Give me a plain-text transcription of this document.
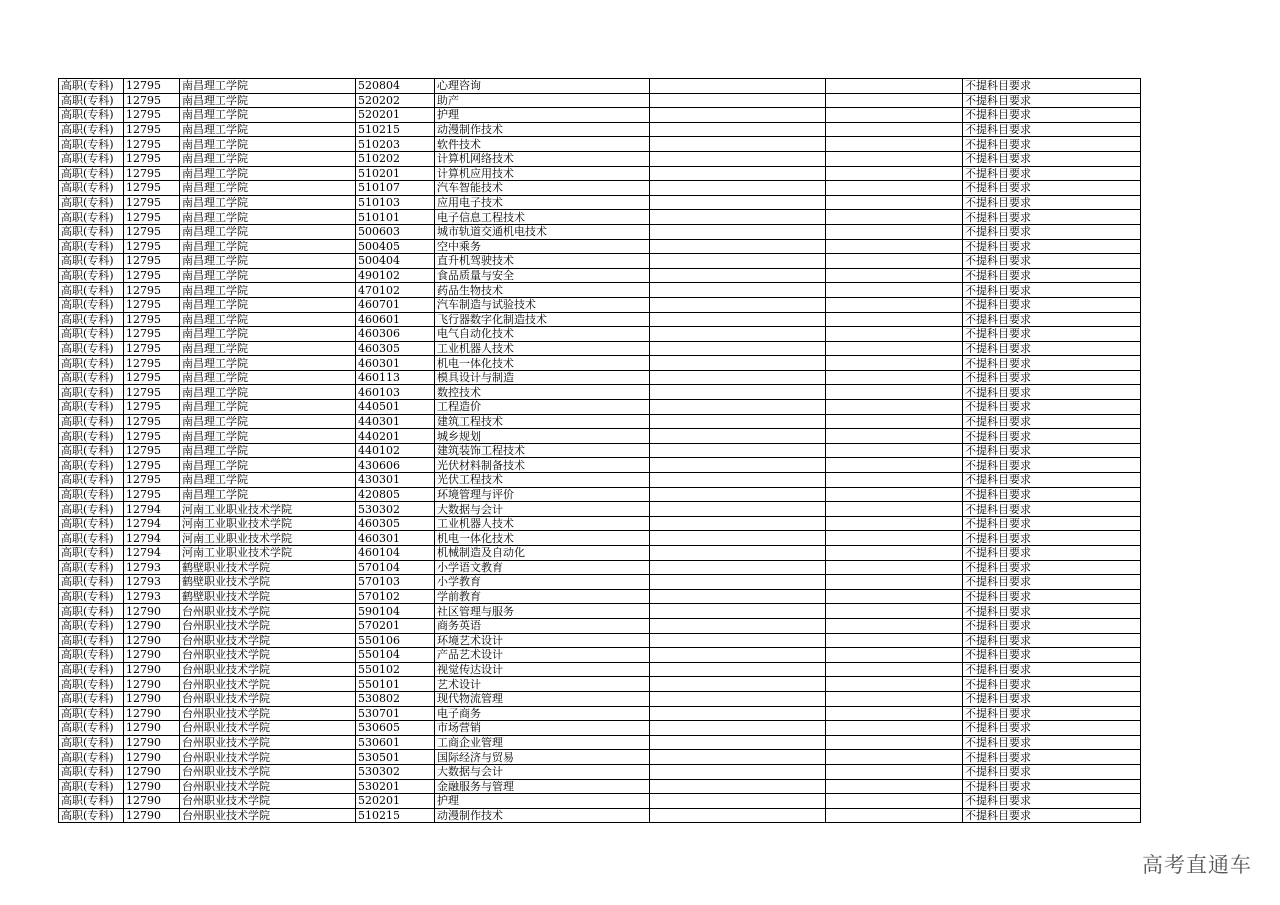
高职(专科)	12795	南昌理工学院	520804	心理咨询			不提科目要求
高职(专科)	12795	南昌理工学院	520202	助产			不提科目要求
高职(专科)	12795	南昌理工学院	520201	护理			不提科目要求
高职(专科)	12795	南昌理工学院	510215	动漫制作技术			不提科目要求
高职(专科)	12795	南昌理工学院	510203	软件技术			不提科目要求
高职(专科)	12795	南昌理工学院	510202	计算机网络技术			不提科目要求
高职(专科)	12795	南昌理工学院	510201	计算机应用技术			不提科目要求
高职(专科)	12795	南昌理工学院	510107	汽车智能技术			不提科目要求
高职(专科)	12795	南昌理工学院	510103	应用电子技术			不提科目要求
高职(专科)	12795	南昌理工学院	510101	电子信息工程技术			不提科目要求
高职(专科)	12795	南昌理工学院	500603	城市轨道交通机电技术			不提科目要求
高职(专科)	12795	南昌理工学院	500405	空中乘务			不提科目要求
高职(专科)	12795	南昌理工学院	500404	直升机驾驶技术			不提科目要求
高职(专科)	12795	南昌理工学院	490102	食品质量与安全			不提科目要求
高职(专科)	12795	南昌理工学院	470102	药品生物技术			不提科目要求
高职(专科)	12795	南昌理工学院	460701	汽车制造与试验技术			不提科目要求
高职(专科)	12795	南昌理工学院	460601	飞行器数字化制造技术			不提科目要求
高职(专科)	12795	南昌理工学院	460306	电气自动化技术			不提科目要求
高职(专科)	12795	南昌理工学院	460305	工业机器人技术			不提科目要求
高职(专科)	12795	南昌理工学院	460301	机电一体化技术			不提科目要求
高职(专科)	12795	南昌理工学院	460113	模具设计与制造			不提科目要求
高职(专科)	12795	南昌理工学院	460103	数控技术			不提科目要求
高职(专科)	12795	南昌理工学院	440501	工程造价			不提科目要求
高职(专科)	12795	南昌理工学院	440301	建筑工程技术			不提科目要求
高职(专科)	12795	南昌理工学院	440201	城乡规划			不提科目要求
高职(专科)	12795	南昌理工学院	440102	建筑装饰工程技术			不提科目要求
高职(专科)	12795	南昌理工学院	430606	光伏材料制备技术			不提科目要求
高职(专科)	12795	南昌理工学院	430301	光伏工程技术			不提科目要求
高职(专科)	12795	南昌理工学院	420805	环境管理与评价			不提科目要求
高职(专科)	12794	河南工业职业技术学院	530302	大数据与会计			不提科目要求
高职(专科)	12794	河南工业职业技术学院	460305	工业机器人技术			不提科目要求
高职(专科)	12794	河南工业职业技术学院	460301	机电一体化技术			不提科目要求
高职(专科)	12794	河南工业职业技术学院	460104	机械制造及自动化			不提科目要求
高职(专科)	12793	鹤壁职业技术学院	570104	小学语文教育			不提科目要求
高职(专科)	12793	鹤壁职业技术学院	570103	小学教育			不提科目要求
高职(专科)	12793	鹤壁职业技术学院	570102	学前教育			不提科目要求
高职(专科)	12790	台州职业技术学院	590104	社区管理与服务			不提科目要求
高职(专科)	12790	台州职业技术学院	570201	商务英语			不提科目要求
高职(专科)	12790	台州职业技术学院	550106	环境艺术设计			不提科目要求
高职(专科)	12790	台州职业技术学院	550104	产品艺术设计			不提科目要求
高职(专科)	12790	台州职业技术学院	550102	视觉传达设计			不提科目要求
高职(专科)	12790	台州职业技术学院	550101	艺术设计			不提科目要求
高职(专科)	12790	台州职业技术学院	530802	现代物流管理			不提科目要求
高职(专科)	12790	台州职业技术学院	530701	电子商务			不提科目要求
高职(专科)	12790	台州职业技术学院	530605	市场营销			不提科目要求
高职(专科)	12790	台州职业技术学院	530601	工商企业管理			不提科目要求
高职(专科)	12790	台州职业技术学院	530501	国际经济与贸易			不提科目要求
高职(专科)	12790	台州职业技术学院	530302	大数据与会计			不提科目要求
高职(专科)	12790	台州职业技术学院	530201	金融服务与管理			不提科目要求
高职(专科)	12790	台州职业技术学院	520201	护理			不提科目要求
高职(专科)	12790	台州职业技术学院	510215	动漫制作技术			不提科目要求
高考直通车
